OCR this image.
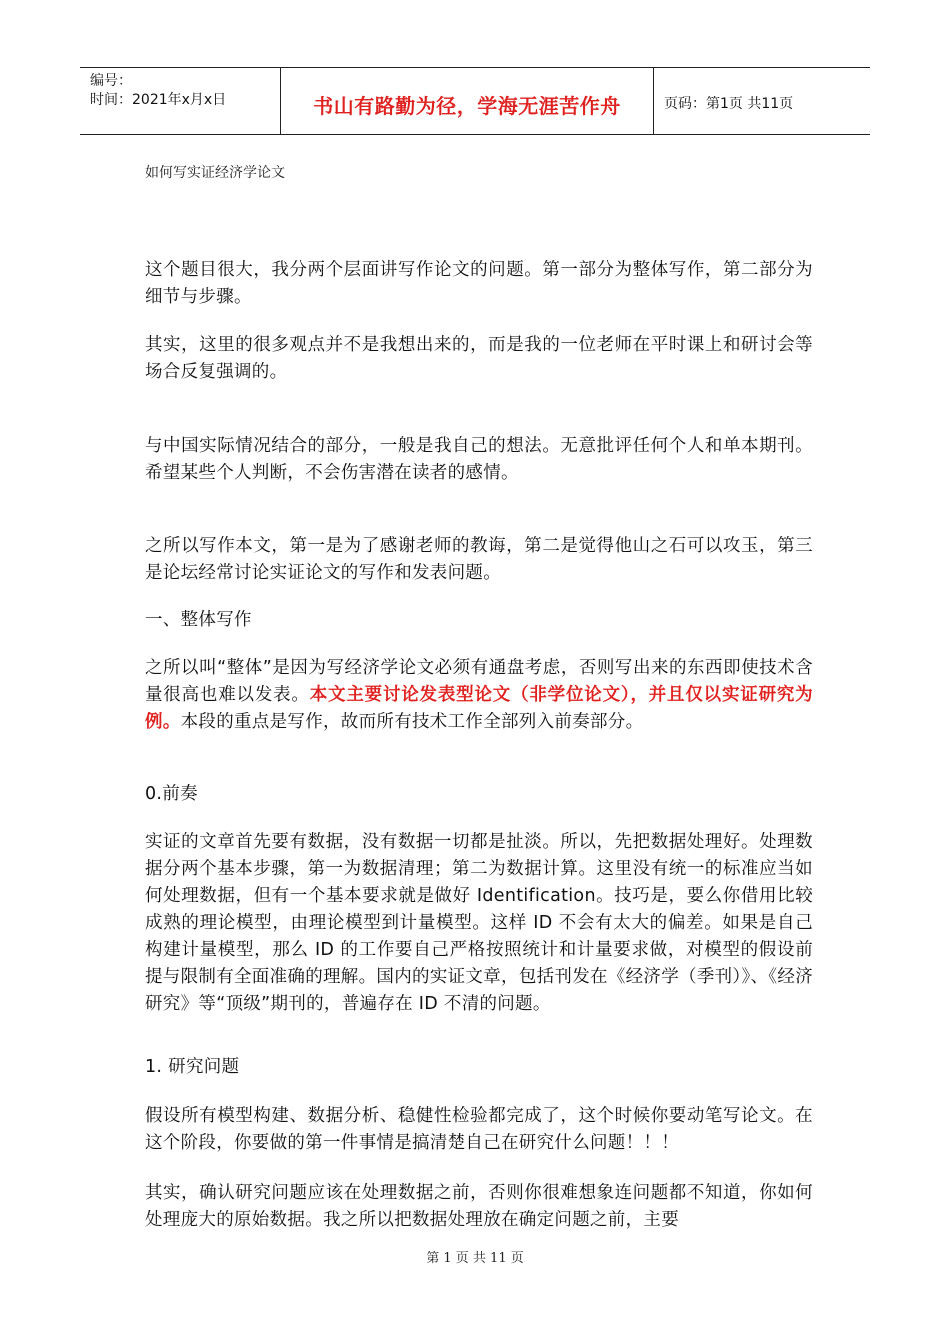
编号：
时间：2021年x月x日	书山有路勤为径，学海无涯苦作舟	页码：第1页 共11页
如何写实证经济学论文
这个题目很大，我分两个层面讲写作论文的问题。第一部分为整体写作，第二部分为细节与步骤。
其实，这里的很多观点并不是我想出来的，而是我的一位老师在平时课上和研讨会等场合反复强调的。
与中国实际情况结合的部分，一般是我自己的想法。无意批评任何个人和单本期刊。希望某些个人判断，不会伤害潜在读者的感情。
之所以写作本文，第一是为了感谢老师的教诲，第二是觉得他山之石可以攻玉，第三是论坛经常讨论实证论文的写作和发表问题。
一、整体写作
之所以叫“整体”是因为写经济学论文必须有通盘考虑，否则写出来的东西即使技术含量很高也难以发表。本文主要讨论发表型论文（非学位论文），并且仅以实证研究为例。本段的重点是写作，故而所有技术工作全部列入前奏部分。
0.前奏
实证的文章首先要有数据，没有数据一切都是扯淡。所以，先把数据处理好。处理数据分两个基本步骤，第一为数据清理；第二为数据计算。这里没有统一的标准应当如何处理数据，但有一个基本要求就是做好 Identification。技巧是，要么你借用比较成熟的理论模型，由理论模型到计量模型。这样 ID 不会有太大的偏差。如果是自己构建计量模型，那么 ID 的工作要自己严格按照统计和计量要求做，对模型的假设前提与限制有全面准确的理解。国内的实证文章，包括刊发在《经济学（季刊）》、《经济研究》等“顶级”期刊的，普遍存在 ID 不清的问题。
1. 研究问题
假设所有模型构建、数据分析、稳健性检验都完成了，这个时候你要动笔写论文。在这个阶段，你要做的第一件事情是搞清楚自己在研究什么问题！！！
其实，确认研究问题应该在处理数据之前，否则你很难想象连问题都不知道，你如何处理庞大的原始数据。我之所以把数据处理放在确定问题之前，主要
第 1 页 共 11 页
